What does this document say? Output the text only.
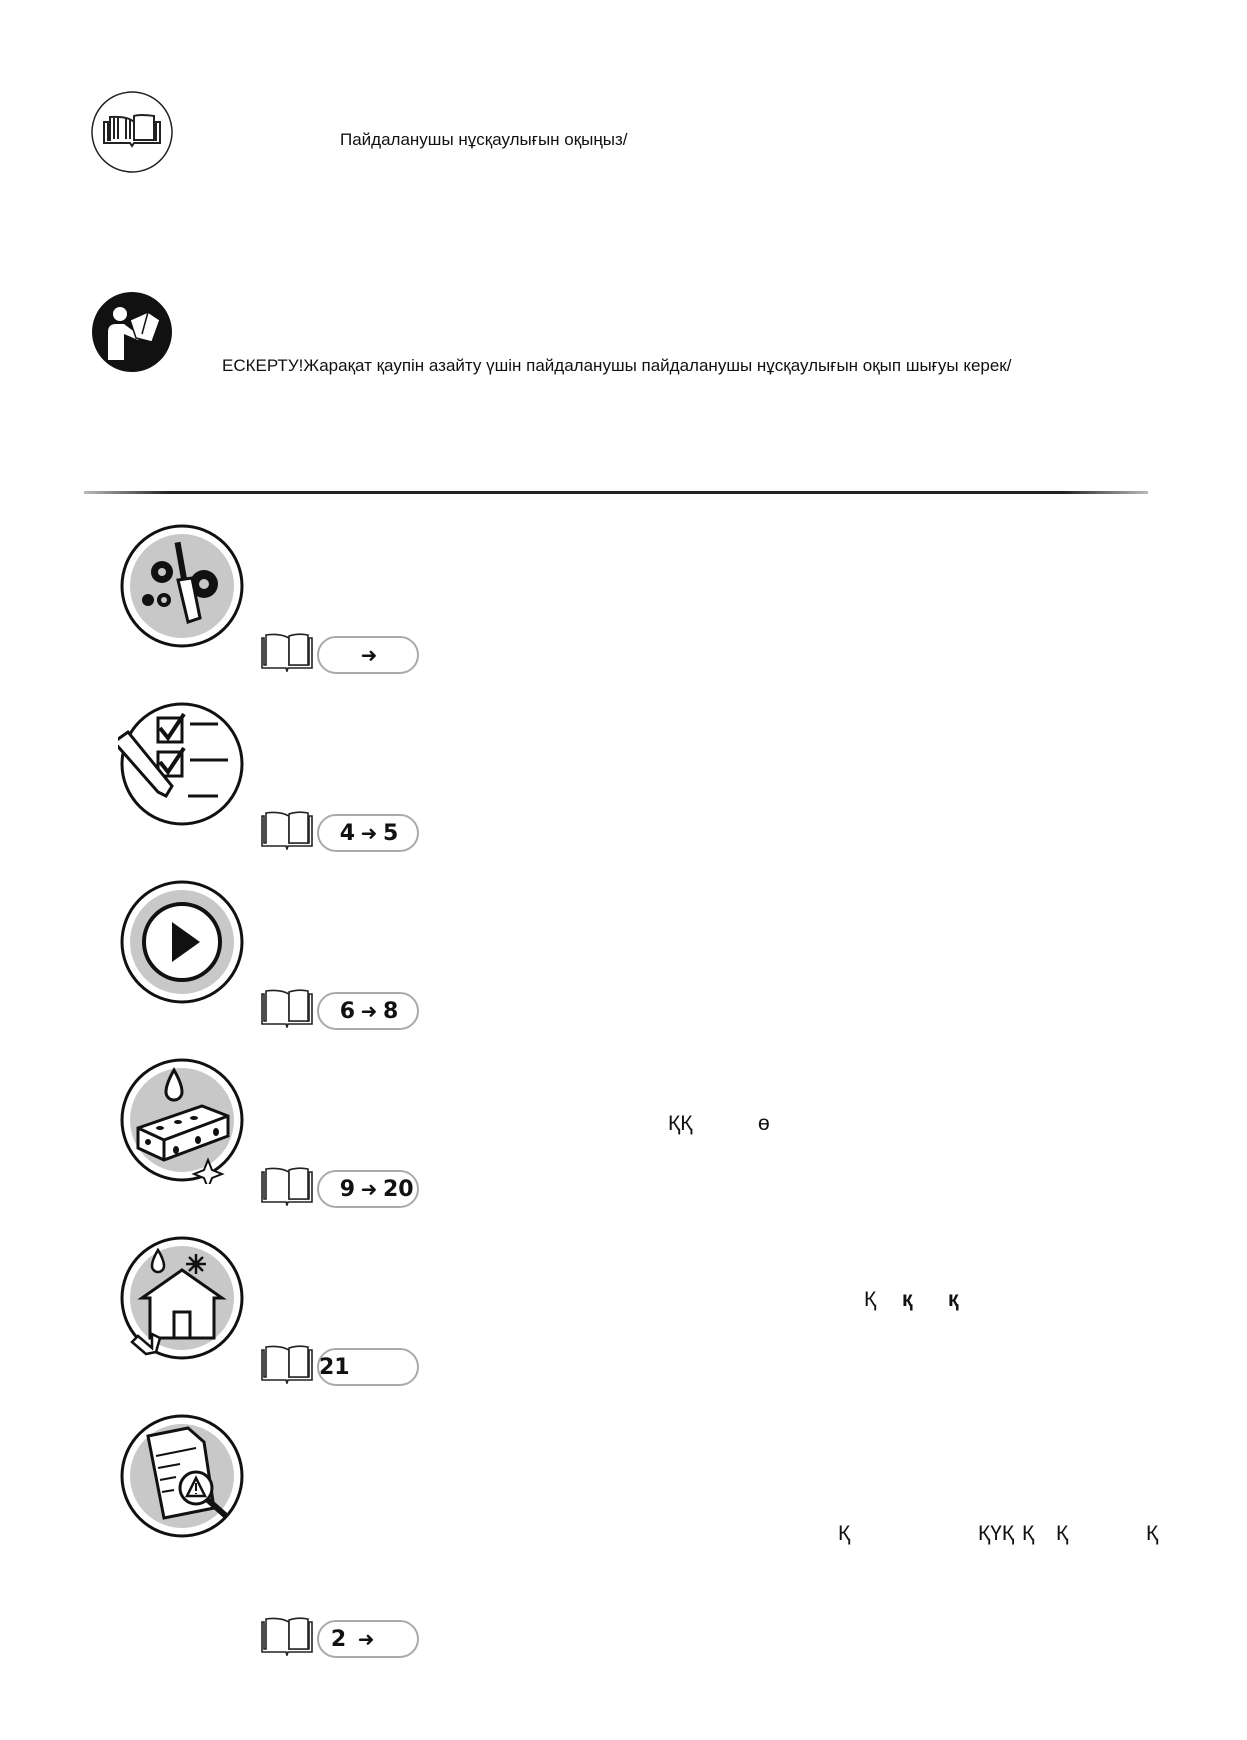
Пайдаланушы нұсқаулығын оқыңыз/
ЕСКЕРТУ!Жарақат қаупін азайту үшін пайдаланушы пайдаланушы нұсқаулығын оқып шығуы керек/
➜
4 ➜ 5
6 ➜ 8
ҚҚ	ө
9 ➜ 20
Қ қ қ
21
Қ	ҚҮҚ Қ Қ	Қ
2 ➜
